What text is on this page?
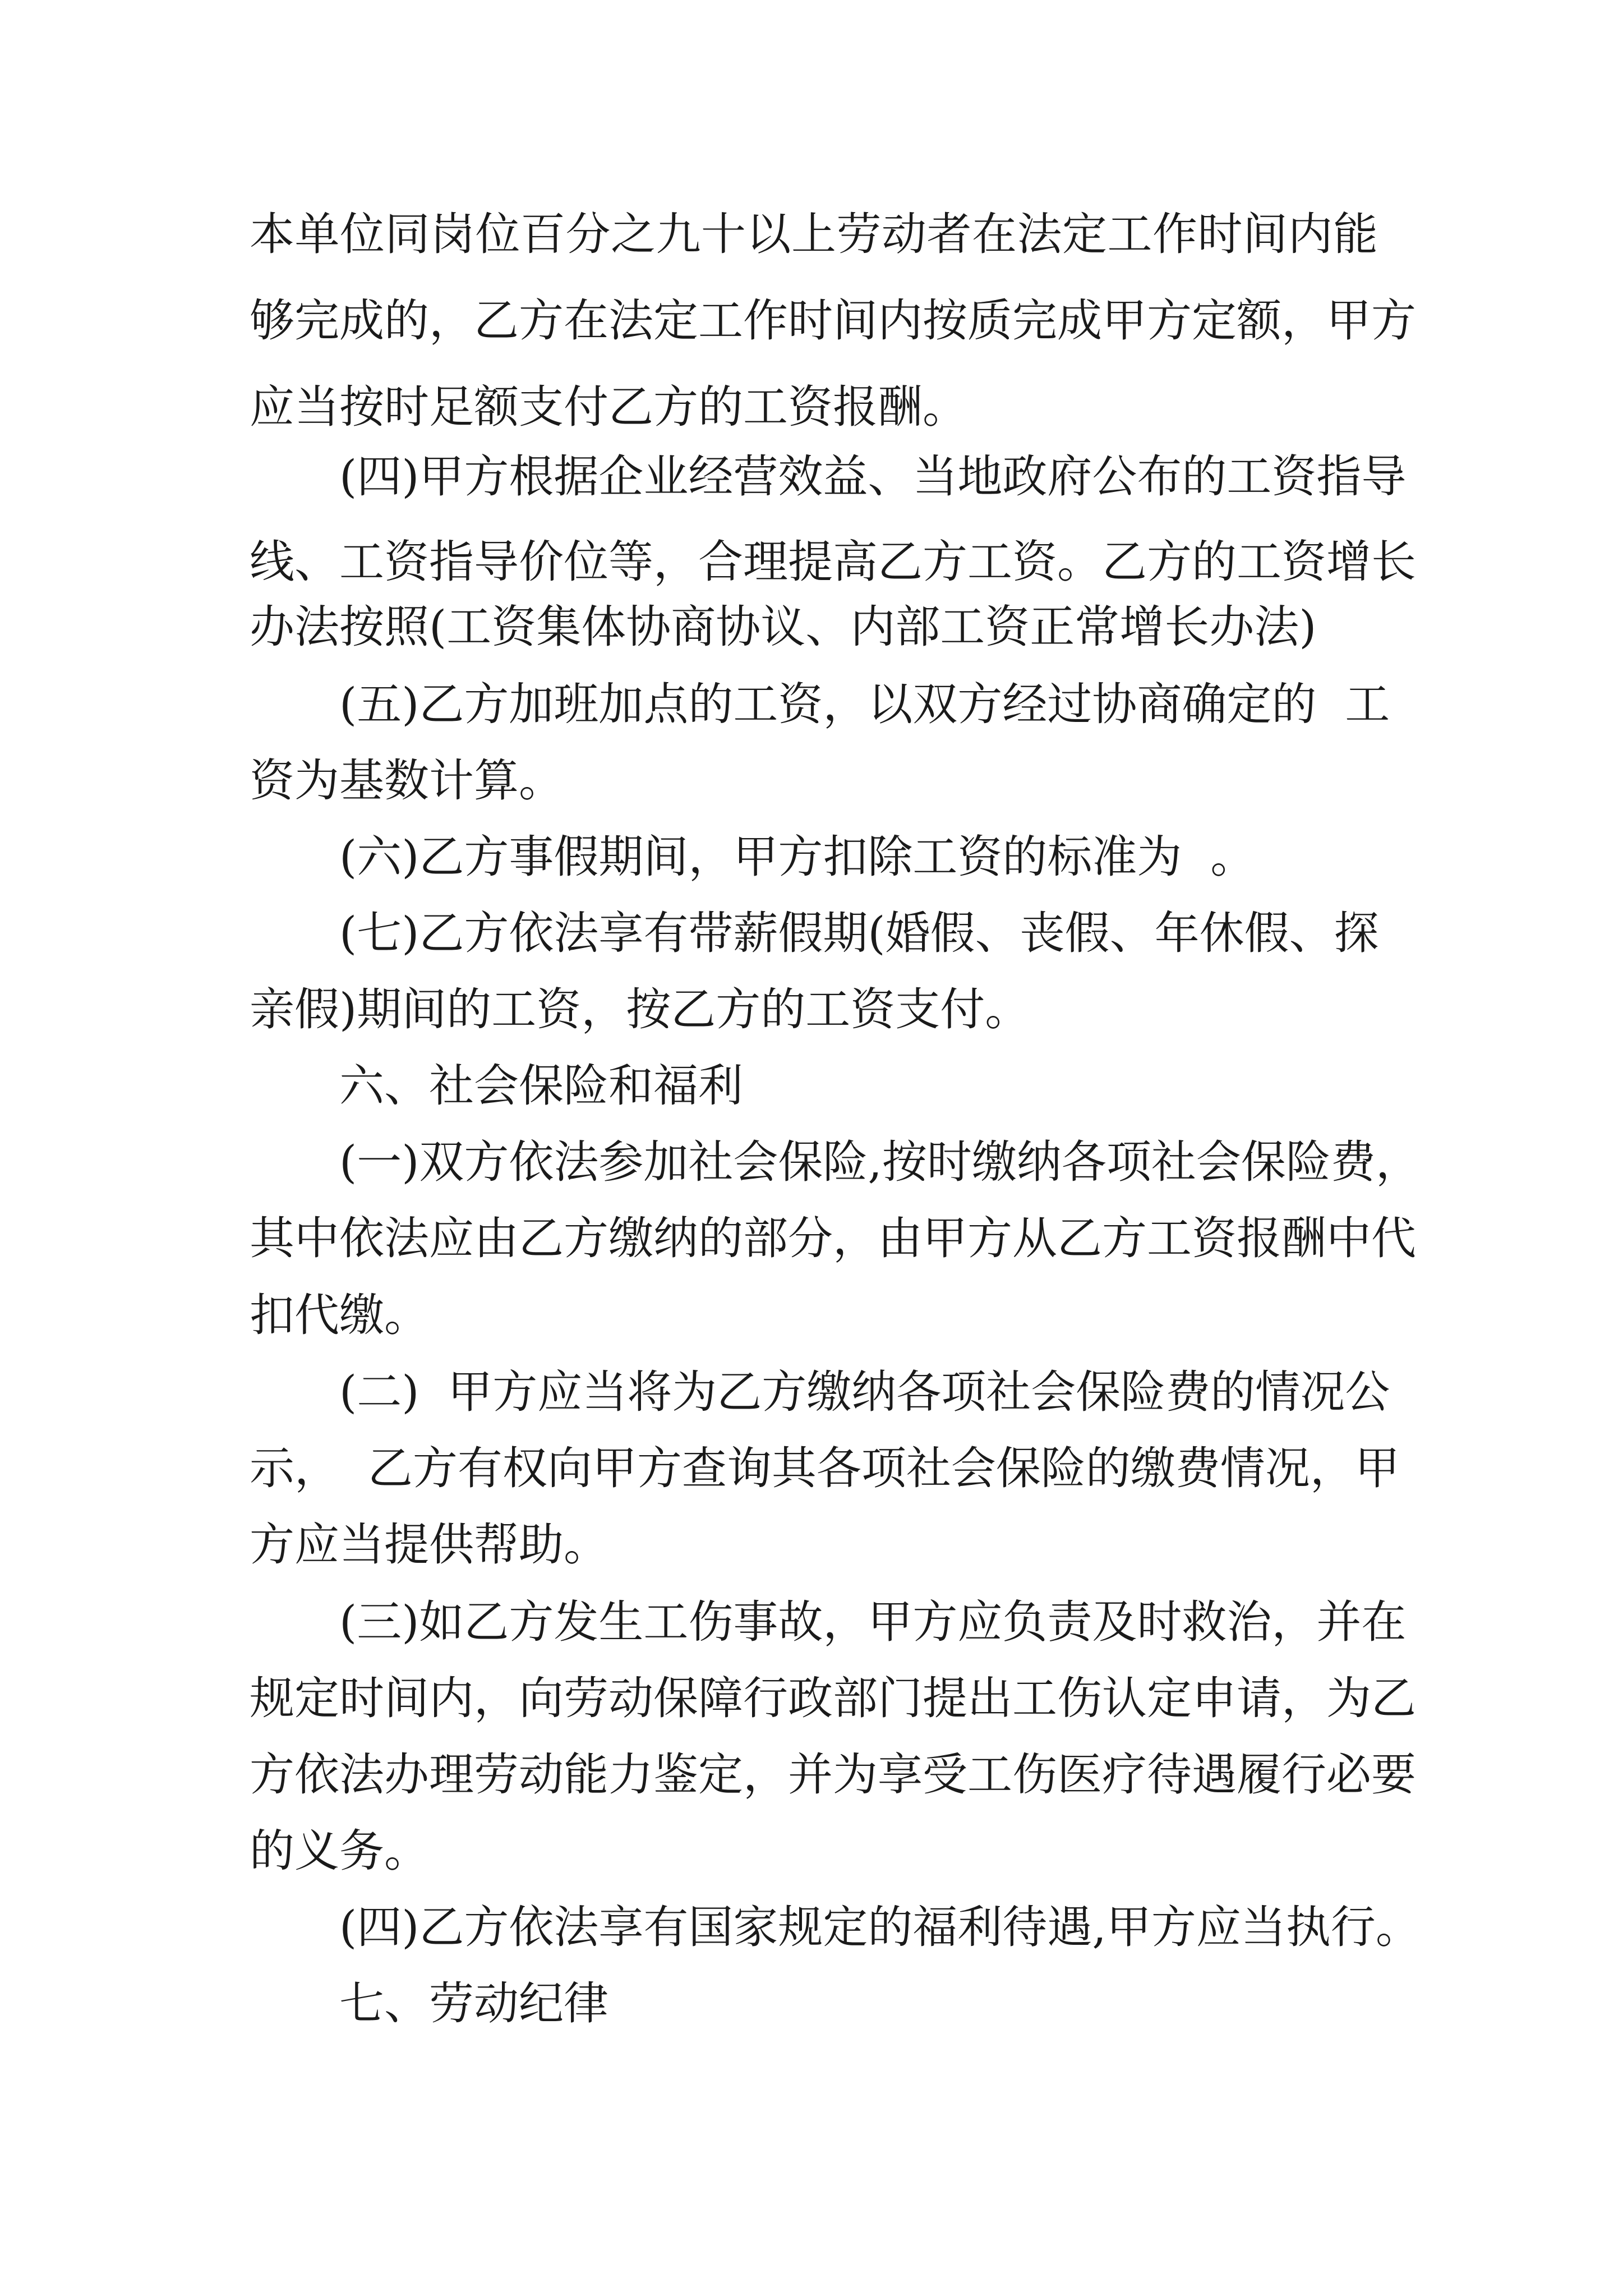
本单位同岗位百分之九十以上劳动者在法定工作时间内能
够完成的，乙方在法定工作时间内按质完成甲方定额，甲方
应当按时足额支付乙方的工资报酬。
(四)甲方根据企业经营效益、当地政府公布的工资指导
线、工资指导价位等，合理提高乙方工资。乙方的工资增长
办法按照(工资集体协商协议、内部工资正常增长办法)
(五)乙方加班加点的工资，以双方经过协商确定的  工
资为基数计算。
(六)乙方事假期间，甲方扣除工资的标准为  。
(七)乙方依法享有带薪假期(婚假、丧假、年休假、探
亲假)期间的工资，按乙方的工资支付。
六、社会保险和福利
(一)双方依法参加社会保险,按时缴纳各项社会保险费，
其中依法应由乙方缴纳的部分，由甲方从乙方工资报酬中代
扣代缴。
(二)  甲方应当将为乙方缴纳各项社会保险费的情况公
示，  乙方有权向甲方查询其各项社会保险的缴费情况，甲
方应当提供帮助。
(三)如乙方发生工伤事故，甲方应负责及时救治，并在
规定时间内，向劳动保障行政部门提出工伤认定申请，为乙
方依法办理劳动能力鉴定，并为享受工伤医疗待遇履行必要
的义务。
(四)乙方依法享有国家规定的福利待遇,甲方应当执行。
七、劳动纪律
